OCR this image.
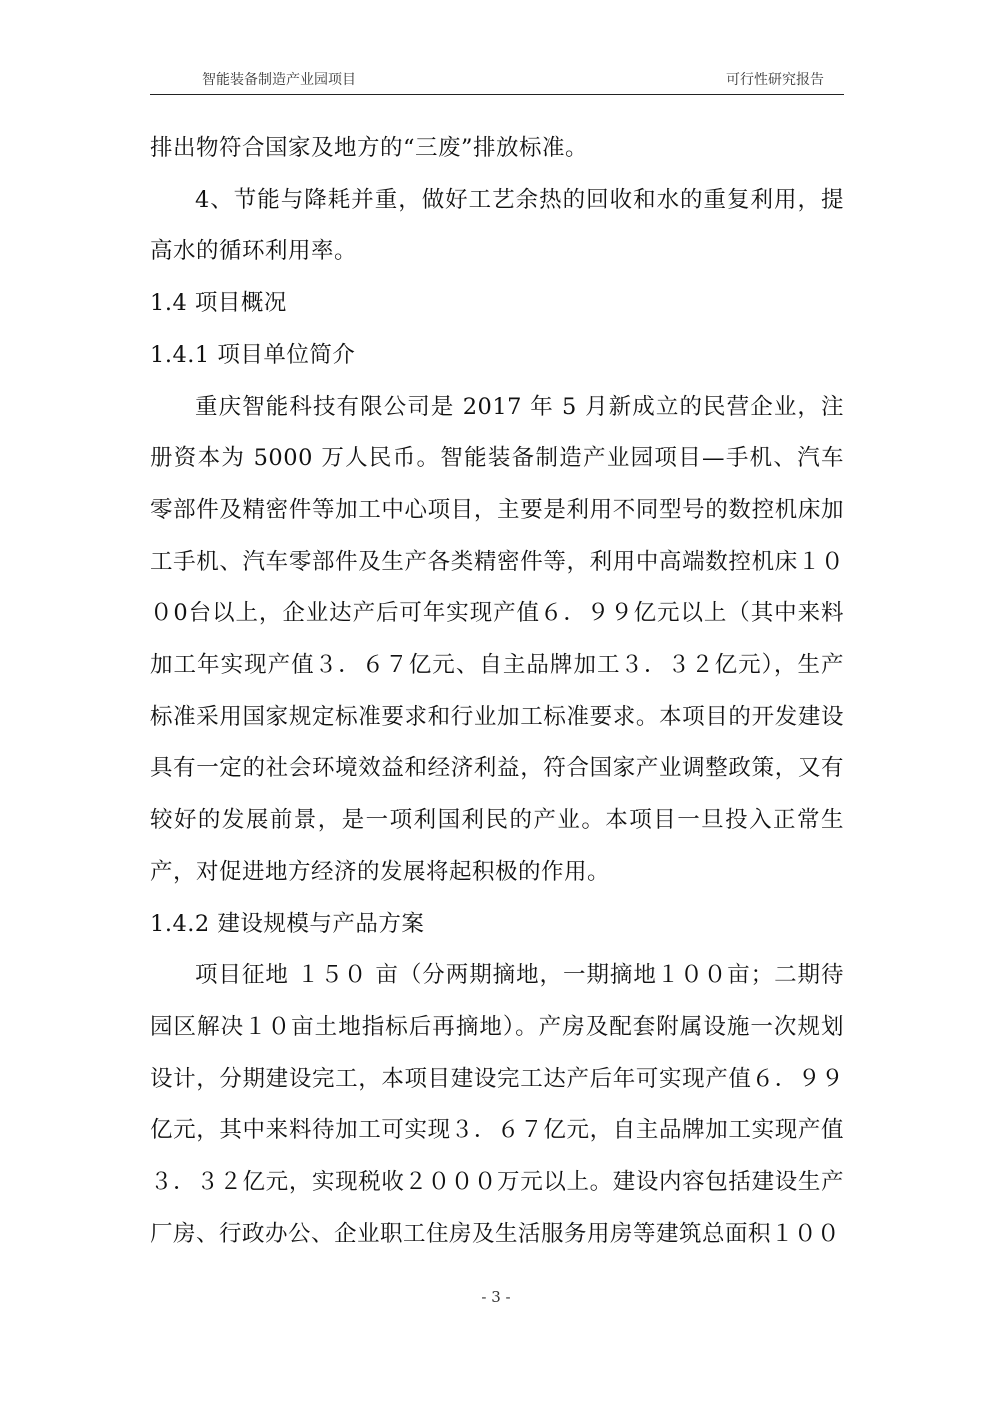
智能装备制造产业园项目	可行性研究报告

排出物符合国家及地方的“三废”排放标准。

4、节能与降耗并重，做好工艺余热的回收和水的重复利用，提高水的循环利用率。

1.4 项目概况

1.4.1 项目单位简介

重庆智能科技有限公司是 2017 年 5 月新成立的民营企业，注册资本为 5000 万人民币。智能装备制造产业园项目—手机、汽车零部件及精密件等加工中心项目，主要是利用不同型号的数控机床加工手机、汽车零部件及生产各类精密件等，利用中高端数控机床１００0台以上，企业达产后可年实现产值６．９９亿元以上（其中来料加工年实现产值３．６７亿元、自主品牌加工３．３２亿元），生产标准采用国家规定标准要求和行业加工标准要求。本项目的开发建设具有一定的社会环境效益和经济利益，符合国家产业调整政策，又有较好的发展前景，是一项利国利民的产业。本项目一旦投入正常生产，对促进地方经济的发展将起积极的作用。

1.4.2 建设规模与产品方案

项目征地 １５０ 亩（分两期摘地，一期摘地１００亩；二期待园区解决１０亩土地指标后再摘地）。产房及配套附属设施一次规划设计，分期建设完工，本项目建设完工达产后年可实现产值６．９９亿元，其中来料待加工可实现３．６７亿元，自主品牌加工实现产值３．３２亿元，实现税收２０００万元以上。建设内容包括建设生产厂房、行政办公、企业职工住房及生活服务用房等建筑总面积１００

- 3 -
